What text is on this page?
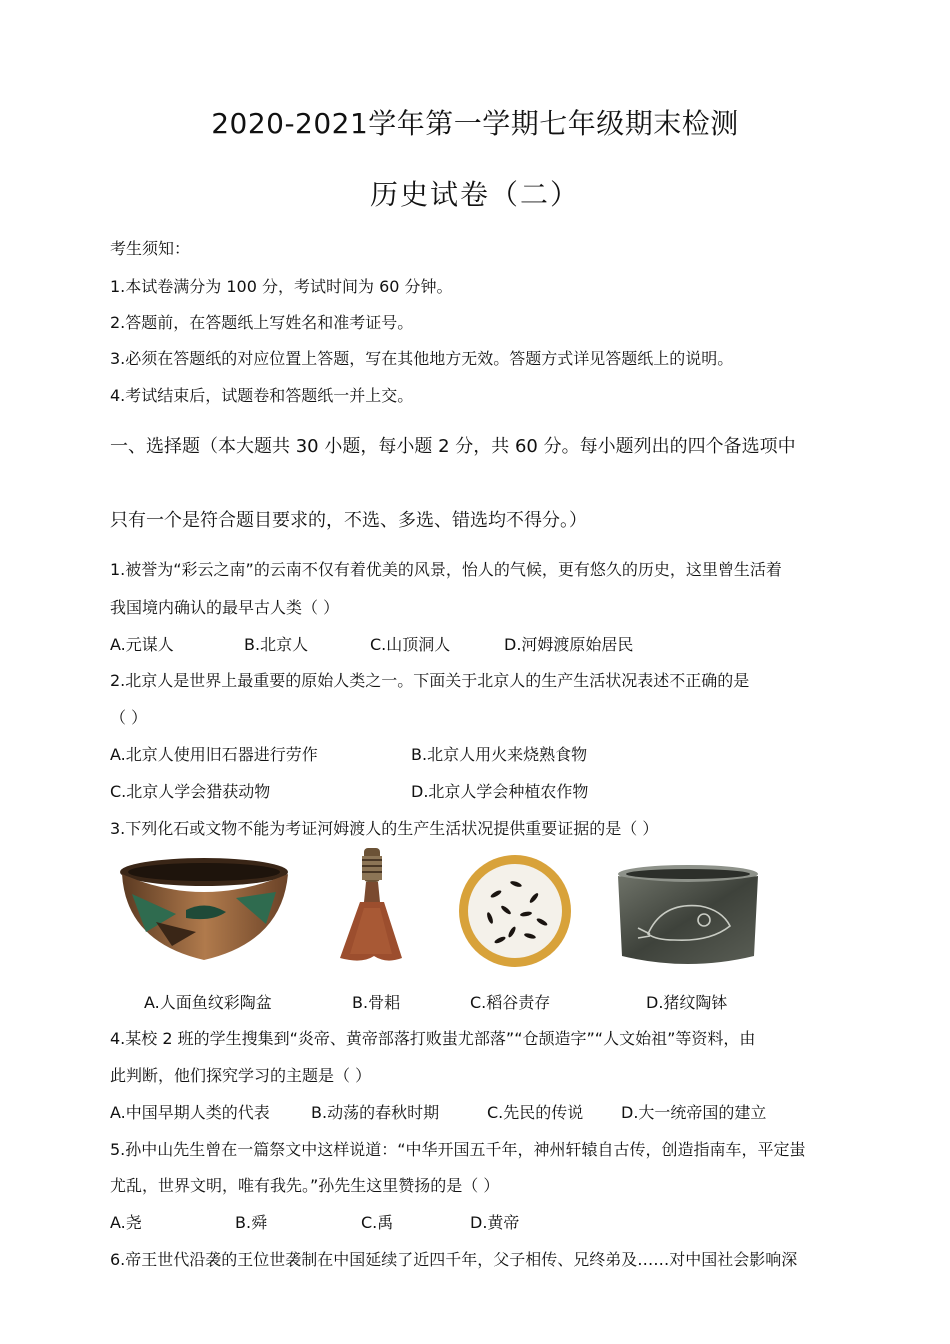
2020-2021学年第一学期七年级期末检测
历史试卷（二）
考生须知：
1.本试卷满分为 100 分，考试时间为 60 分钟。
2.答题前，在答题纸上写姓名和准考证号。
3.必须在答题纸的对应位置上答题，写在其他地方无效。答题方式详见答题纸上的说明。
4.考试结束后，试题卷和答题纸一并上交。
一、选择题（本大题共 30 小题，每小题 2 分，共 60 分。每小题列出的四个备选项中
只有一个是符合题目要求的，不选、多选、错选均不得分。）
1.被誉为“彩云之南”的云南不仅有着优美的风景，怡人的气候，更有悠久的历史，这里曾生活着
我国境内确认的最早古人类（ ）
A.元谋人	B.北京人	C.山顶洞人	D.河姆渡原始居民
2.北京人是世界上最重要的原始人类之一。下面关于北京人的生产生活状况表述不正确的是
（ ）
A.北京人使用旧石器进行劳作	B.北京人用火来烧熟食物
C.北京人学会猎获动物	D.北京人学会种植农作物
3.下列化石或文物不能为考证河姆渡人的生产生活状况提供重要证据的是（ ）
A.人面鱼纹彩陶盆	B.骨耜	C.稻谷责存	D.猪纹陶钵
4.某校 2 班的学生搜集到“炎帝、黄帝部落打败蚩尤部落”“仓颉造字”“人文始祖”等资料，由
此判断，他们探究学习的主题是（ ）
A.中国早期人类的代表	B.动荡的春秋时期	C.先民的传说 D.大一统帝国的建立
5.孙中山先生曾在一篇祭文中这样说道：“中华开国五千年，神州轩辕自古传，创造指南车，平定蚩
尤乱，世界文明，唯有我先。”孙先生这里赞扬的是（ ）
A.尧	B.舜	C.禹	D.黄帝
6.帝王世代沿袭的王位世袭制在中国延续了近四千年，父子相传、兄终弟及……对中国社会影响深
